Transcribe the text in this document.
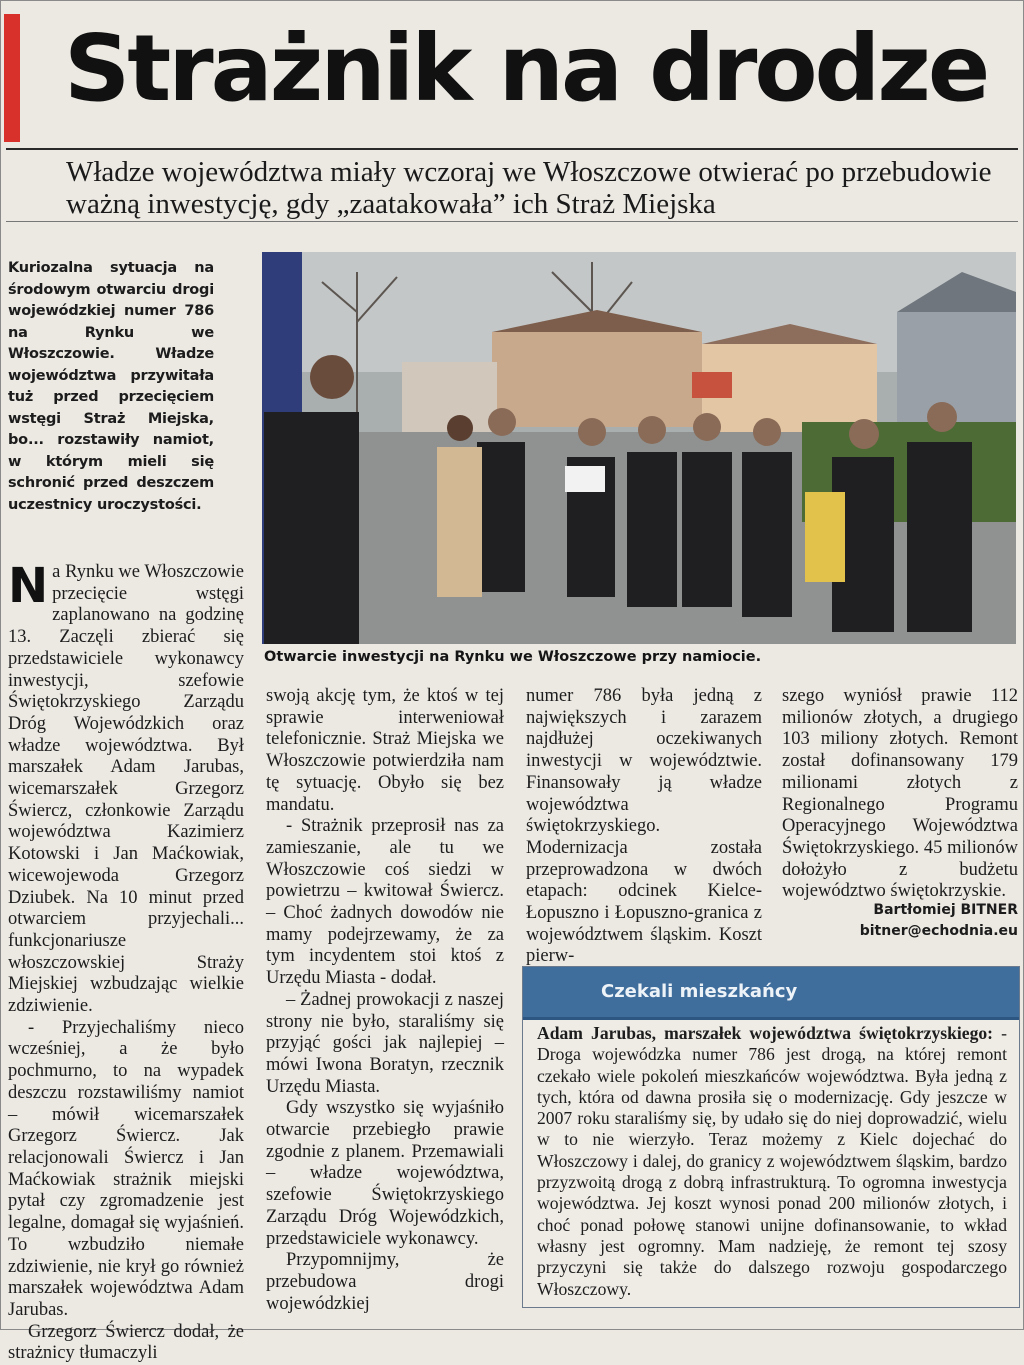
Strażnik na drodze
Władze województwa miały wczoraj we Włoszczowe otwierać po przebudowie ważną inwestycję, gdy „zaatakowała” ich Straż Miejska
Kuriozalna sytuacja na środowym otwarciu drogi wojewódzkiej numer 786 na Rynku we Włoszczowie. Władze województwa przywitała tuż przed przecięciem wstęgi Straż Miejska, bo... rozstawiły namiot, w którym mieli się schronić przed deszczem uczestnicy uroczystości.

Na Rynku we Włoszczowie przecięcie wstęgi zaplanowano na godzinę 13. Zaczęli zbierać się przedstawiciele wykonawcy inwestycji, szefowie Świętokrzyskiego Zarządu Dróg Wojewódzkich oraz władze województwa. Był marszałek Adam Jarubas, wicemarszałek Grzegorz Świercz, członkowie Zarządu województwa Kazimierz Kotowski i Jan Maćkowiak, wicewojewoda Grzegorz Dziubek. Na 10 minut przed otwarciem przyjechali... funkcjonariusze włoszczowskiej Straży Miejskiej wzbudzając wielkie zdziwienie.

- Przyjechaliśmy nieco wcześniej, a że było pochmurno, to na wypadek deszczu rozstawiliśmy namiot – mówił wicemarszałek Grzegorz Świercz. Jak relacjonowali Świercz i Jan Maćkowiak strażnik miejski pytał czy zgromadzenie jest legalne, domagał się wyjaśnień. To wzbudziło niemałe zdziwienie, nie krył go również marszałek województwa Adam Jarubas.

Grzegorz Świercz dodał, że strażnicy tłumaczyli

Otwarcie inwestycji na Rynku we Włoszczowe przy namiocie.

swoją akcję tym, że ktoś w tej sprawie interweniował telefonicznie. Straż Miejska we Włoszczowie potwierdziła nam tę sytuację. Obyło się bez mandatu.

- Strażnik przeprosił nas za zamieszanie, ale tu we Włoszczowie coś siedzi w powietrzu – kwitował Świercz. – Choć żadnych dowodów nie mamy podejrzewamy, że za tym incydentem stoi ktoś z Urzędu Miasta - dodał.

– Żadnej prowokacji z naszej strony nie było, staraliśmy się przyjąć gości jak najlepiej – mówi Iwona Boratyn, rzecznik Urzędu Miasta.

Gdy wszystko się wyjaśniło otwarcie przebiegło prawie zgodnie z planem. Przemawiali – władze województwa, szefowie Świętokrzyskiego Zarządu Dróg Wojewódzkich, przedstawiciele wykonawcy.

Przypomnijmy, że przebudowa drogi wojewódzkiej

numer 786 była jedną z największych i zarazem najdłużej oczekiwanych inwestycji w województwie. Finansowały ją władze województwa świętokrzyskiego. Modernizacja została przeprowadzona w dwóch etapach: odcinek Kielce-Łopuszno i Łopuszno-granica z województwem śląskim. Koszt pierw-

szego wyniósł prawie 112 milionów złotych, a drugiego 103 miliony złotych. Remont został dofinansowany 179 milionami złotych z Regionalnego Programu Operacyjnego Województwa Świętokrzyskiego. 45 milionów dołożyło z budżetu województwo świętokrzyskie.

Bartłomiej BITNER
bitner@echodnia.eu
Czekali mieszkańcy
Adam Jarubas, marszałek województwa świętokrzyskiego: - Droga wojewódzka numer 786 jest drogą, na której remont czekało wiele pokoleń mieszkańców województwa. Była jedną z tych, która od dawna prosiła się o modernizację. Gdy jeszcze w 2007 roku staraliśmy się, by udało się do niej doprowadzić, wielu w to nie wierzyło. Teraz możemy z Kielc dojechać do Włoszczowy i dalej, do granicy z województwem śląskim, bardzo przyzwoitą drogą z dobrą infrastrukturą. To ogromna inwestycja województwa. Jej koszt wynosi ponad 200 milionów złotych, i choć ponad połowę stanowi unijne dofinansowanie, to wkład własny jest ogromny. Mam nadzieję, że remont tej szosy przyczyni się także do dalszego rozwoju gospodarczego Włoszczowy.
